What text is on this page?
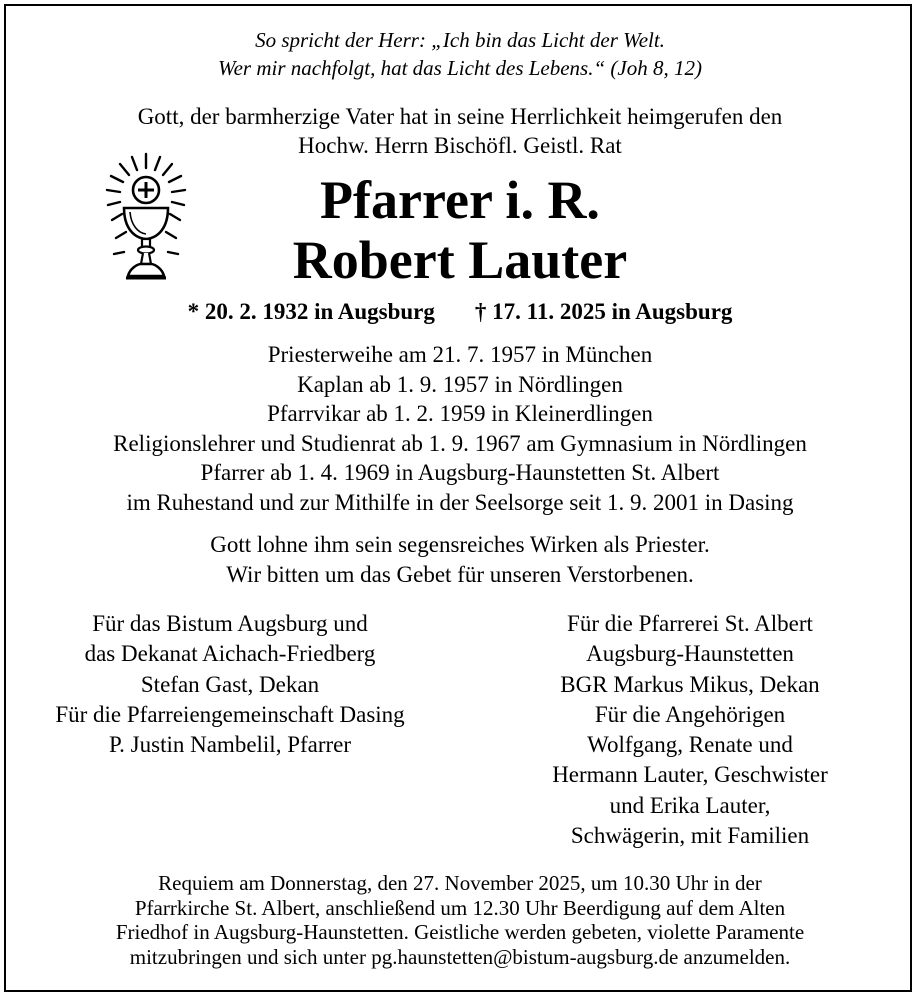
So spricht der Herr: „Ich bin das Licht der Welt.
Wer mir nachfolgt, hat das Licht des Lebens.“ (Joh 8, 12)
Gott, der barmherzige Vater hat in seine Herrlichkeit heimgerufen den
Hochw. Herrn Bischöfl. Geistl. Rat
Pfarrer i. R.
Robert Lauter
* 20. 2. 1932 in Augsburg † 17. 11. 2025 in Augsburg
Priesterweihe am 21. 7. 1957 in München
Kaplan ab 1. 9. 1957 in Nördlingen
Pfarrvikar ab 1. 2. 1959 in Kleinerdlingen
Religionslehrer und Studienrat ab 1. 9. 1967 am Gymnasium in Nördlingen
Pfarrer ab 1. 4. 1969 in Augsburg-Haunstetten St. Albert
im Ruhestand und zur Mithilfe in der Seelsorge seit 1. 9. 2001 in Dasing
Gott lohne ihm sein segensreiches Wirken als Priester.
Wir bitten um das Gebet für unseren Verstorbenen.
Für das Bistum Augsburg und
das Dekanat Aichach-Friedberg
Stefan Gast, Dekan
Für die Pfarreiengemeinschaft Dasing
P. Justin Nambelil, Pfarrer
Für die Pfarrerei St. Albert
Augsburg-Haunstetten
BGR Markus Mikus, Dekan
Für die Angehörigen
Wolfgang, Renate und
Hermann Lauter, Geschwister
und Erika Lauter,
Schwägerin, mit Familien
Requiem am Donnerstag, den 27. November 2025, um 10.30 Uhr in der
Pfarrkirche St. Albert, anschließend um 12.30 Uhr Beerdigung auf dem Alten
Friedhof in Augsburg-Haunstetten. Geistliche werden gebeten, violette Paramente
mitzubringen und sich unter pg.haunstetten@bistum-augsburg.de anzumelden.
